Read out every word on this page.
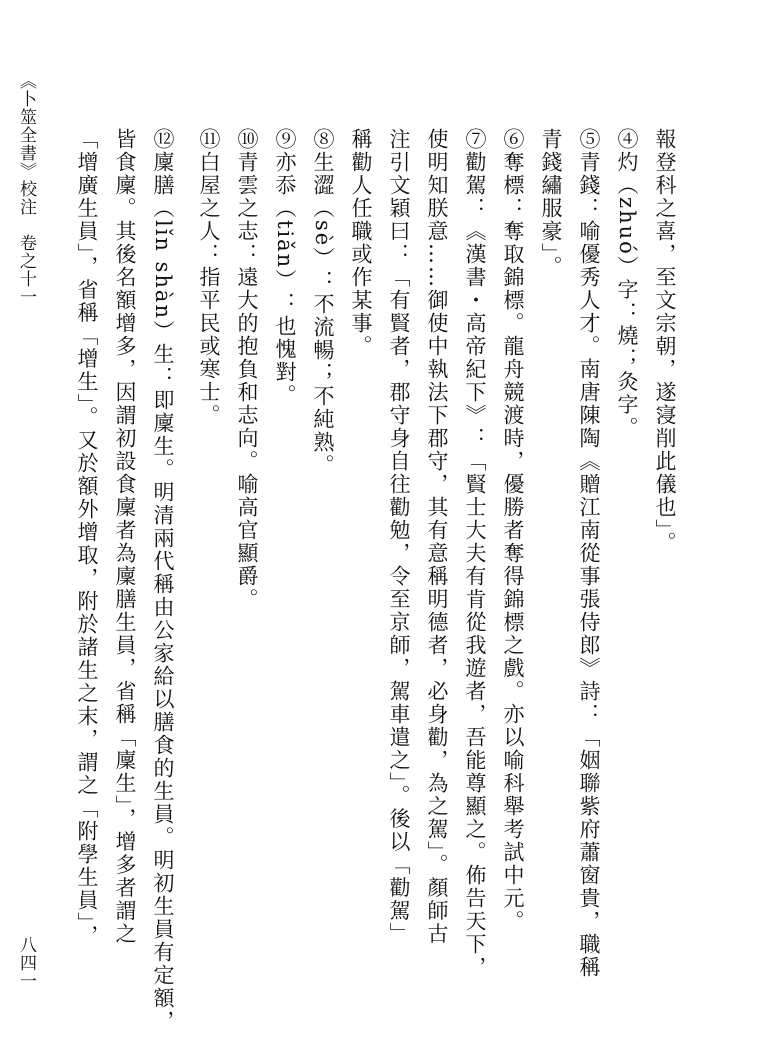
報登科之喜，至文宗朝，遂寖削此儀也」。
④灼（zhuó）字：燒；灸字。
⑤青錢：喻優秀人才。南唐陳陶《贈江南從事張侍郎》詩：「姻聯紫府蕭窗貴，職稱
青錢繡服豪」。
⑥奪標：奪取錦標。龍舟競渡時，優勝者奪得錦標之戲。亦以喻科舉考試中元。
⑦勸駕：《漢書・高帝紀下》：「賢士大夫有肯從我遊者，吾能尊顯之。佈告天下，
使明知朕意……御使中執法下郡守，其有意稱明德者，必身勸，為之駕」。顏師古
注引文穎曰：「有賢者，郡守身自往勸勉，令至京師，駕車遣之」。後以「勸駕」
稱勸人任職或作某事。
⑧生澀（sè）：不流暢；不純熟。
⑨亦忝（tiǎn）：也愧對。
⑩青雲之志：遠大的抱負和志向。喻高官顯爵。
⑪白屋之人：指平民或寒士。
⑫廩膳（lǐn shàn）生：即廩生。明清兩代稱由公家給以膳食的生員。明初生員有定額，
皆食廩。其後名額增多，因謂初設食廩者為廩膳生員，省稱「廩生」，增多者謂之
「增廣生員」，省稱「增生」。又於額外增取，附於諸生之末，謂之「附學生員」，
《卜筮全書》校注　卷之十一
八四一
